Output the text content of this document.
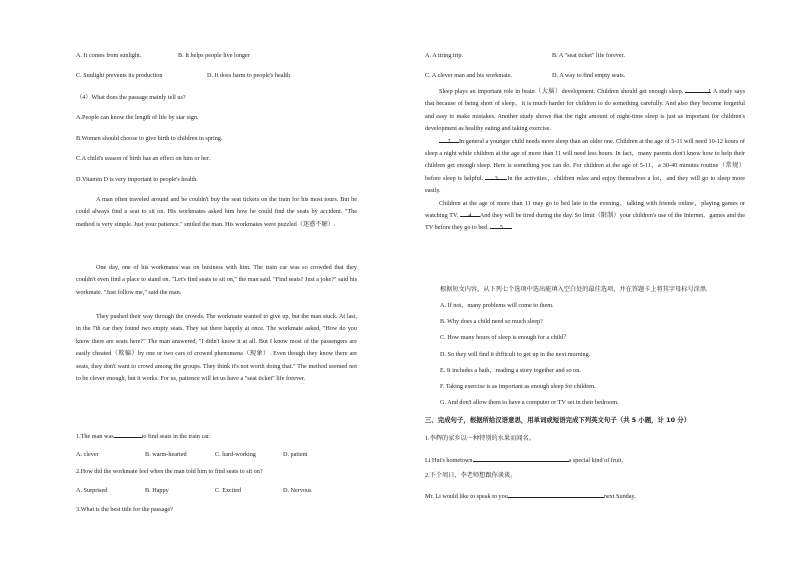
A. It comes from sunlight.	B. It helps people live longer
C. Sunlight prevents its production	D. It does harm to people's health
（4）What does the passage mainly tell us?
A.People can know the length of life by star sign.
B.Women should choose to give birth to children in spring.
C.A child's season of birth has an effect on him or her.
D.Vitamin D is very important to people's health.
A man often traveled around and he couldn't buy the seat tickets on the train for his most tours. But he could always find a seat to sit on. His workmates asked him how he could find the seats by accident. "The method is very simple. Just your patience." smiled the man. His workmates were puzzled（迷惑不解）.
One day, one of his workmates was on business with him. The train car was so crowded that they couldn't even find a place to stand on. "Let's find seats to sit on," the man said. "Find seats? Just a joke?" said his workmate. "Just follow me," said the man.
They pushed their way through the crowds. The workmate wanted to give up, but the man stuck. At last, in the 7th car they found two empty seats. They sat there happily at once. The workmate asked, "How do you know there are seats here?" The man answered, "I didn't know it at all. But I know most of the passengers are easily cheated（欺骗）by one or two cars of crowed phenomena（现象）. Even though they know there are seats, they don't want to crowd among the groups. They think it's not worth doing that." The method seemed not to be clever enough, but it works. For us, patience will let us have a "seat ticket" life forever.
1.The man was	to find seats in the train car.
A. clever	B. warm-hearted	C. hard-working	D. patient
2.How did the workmate feel when the man told him to find seats to sit on?
A. Surprised	B. Happy	C. Excited	D. Nervous
3.What is the best title for the passage?
A. A tiring trip.	B. A "seat ticket" life forever.
C. A clever man and his workmate.	D. A way to find empty seats.
Sleep plays an important role in brain（大脑）development. Children should get enough sleep.	1 A study says that because of being short of sleep，it is much harder for children to do something carefully. And also they become forgetful and easy to make mistakes. Another study shows that the right amount of night-time sleep is just as important for children's development as healthy eating and taking exercise.
2 In general a younger child needs more sleep than an older one. Children at the age of 5-11 will need 10-12 hours of sleep a night while children at the age of more than 11 will need less hours. In fact，many parents don't know how to help their children get enough sleep. Here is something you can do. For children at the age of 5-11，a 30-40 minutes routine（常规）before sleep is helpful. 3 In the activities，children relax and enjoy themselves a lot，and they will go to sleep more easily.
Children at the age of more than 11 may go to bed late in the evening，talking with friends online，playing games or watching TV. 4 And they will be tired during the day. So limit（限制）your children's use of the Internet，games and the TV before they go to bed. 5
根据短文内容，从下列七个选项中选出能填入空白处的最佳选项，并在答题卡上将其字母标号涂黑.
A. If not，many problems will come to them.
B. Why does a child need so much sleep?
C. How many hours of sleep is enough for a child？
D. So they will find it difficult to get up in the next morning.
E. It includes a bath，reading a story together and so on.
F. Taking exercise is as important as enough sleep for children.
G. And don't allow them to have a computer or TV set in their bedroom.
三、完成句子，根据所给汉语意思，用单词或短语完成下列英文句子（共 5 小题，计 10 分）
1.李辉的家乡以一种特别的水果而闻名。
Li Hui's hometown	a special kind of fruit.
2.下个周日，李老师想跟你谈谈。
Mr. Li would like to speak to you	next Sunday.
